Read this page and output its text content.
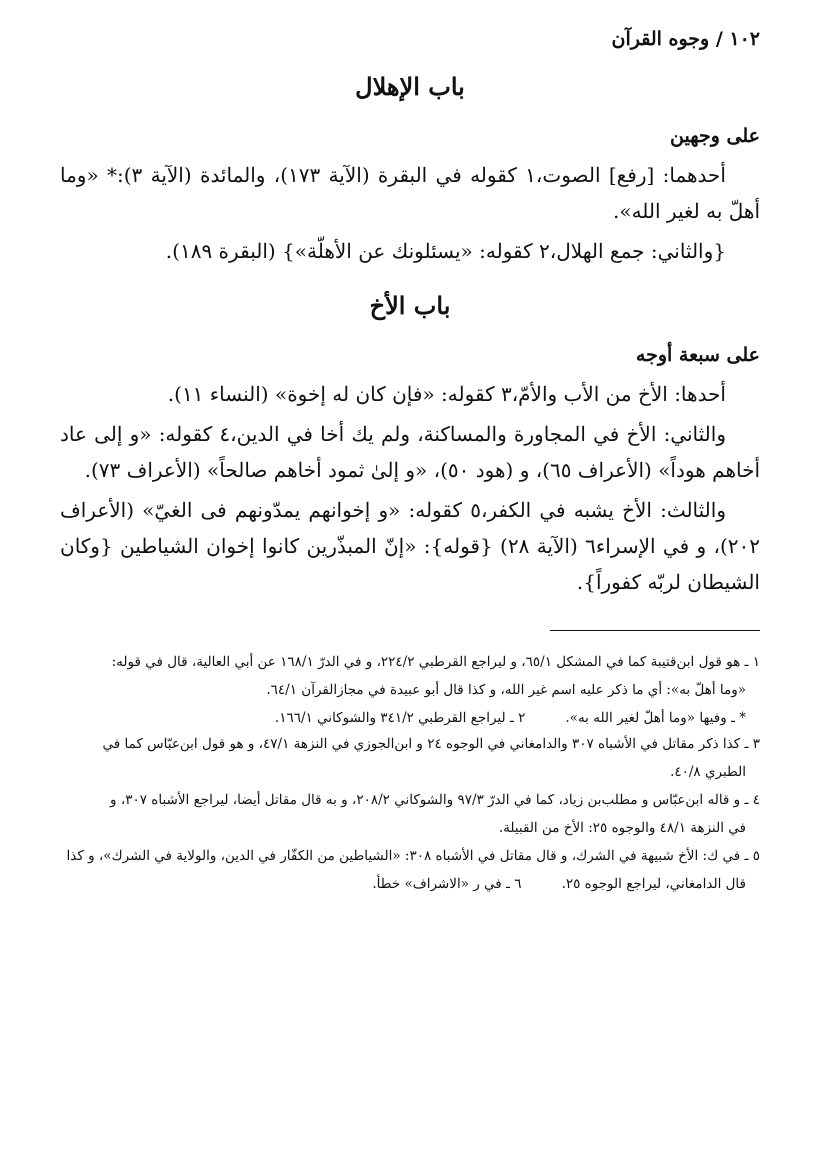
١٠٢ / وجوه القرآن
باب الإهلال
على وجهين

أحدهما: [رفع] الصوت،١ كقوله في البقرة (الآية ١٧٣)، والمائدة (الآية ٣):* «وما أهلّ به لغير الله».

{والثاني: جمع الهلال،٢ كقوله: «يسئلونك عن الأهلّة»} (البقرة ١٨٩).

باب الأخ
على سبعة أوجه

أحدها: الأخ من الأب والأمّ،٣ كقوله: «فإن كان له إخوة» (النساء ١١).

والثاني: الأخ في المجاورة والمساكنة، ولم يك أخا في الدين،٤ كقوله: «و إلى عاد أخاهم هوداً» (الأعراف ٦٥)، و (هود ٥٠)، «و إلىٰ ثمود أخاهم صالحاً» (الأعراف ٧٣).

والثالث: الأخ يشبه في الكفر،٥ كقوله: «و إخوانهم يمدّونهم فى الغيّ» (الأعراف ٢٠٢)، و في الإسراء٦ (الآية ٢٨) {قوله}: «إنّ المبذّرين كانوا إخوان الشياطين {وكان الشيطان لربّه كفوراً}.

١ ـ هو قول ابن‌قتيبة كما في المشكل ٦٥/١، و ليراجع القرطبي ٢٢٤/٢، و في الدرّ ١٦٨/١ عن أبي العالية، قال في قوله:
«وما أهلّ به»: أي ما ذكر عليه اسم غير الله، و كذا قال أبو عبيدة في مجازالقرآن ٦٤/١.
* ـ وفيها «وما أهلّ لغير الله به».
٢ ـ ليراجع القرطبي ٣٤١/٢ والشوكاني ١٦٦/١.
٣ ـ كذا ذكر مقاتل في الأشباه ٣٠٧ والدامغاني في الوجوه ٢٤ و ابن‌الجوزي في النزهة ٤٧/١، و هو قول ابن‌عبّاس كما في
الطبري ٤٠/٨.
٤ ـ و قاله ابن‌عبّاس و مطلب‌بن زياد، كما في الدرّ ٩٧/٣ والشوكاني ٢٠٨/٢، و به قال مقاتل أيضا، ليراجع الأشباه ٣٠٧، و
في النزهة ٤٨/١ والوجوه ٢٥: الأخ من القبيلة.
٥ ـ في ك: الأخ شبيهة في الشرك، و قال مقاتل في الأشباه ٣٠٨: «الشياطين من الكفّار في الدين، والولاية في الشرك»، و كذا
قال الدامغاني، ليراجع الوجوه ٢٥.
٦ ـ في ر «الاشراف» خطأ.
